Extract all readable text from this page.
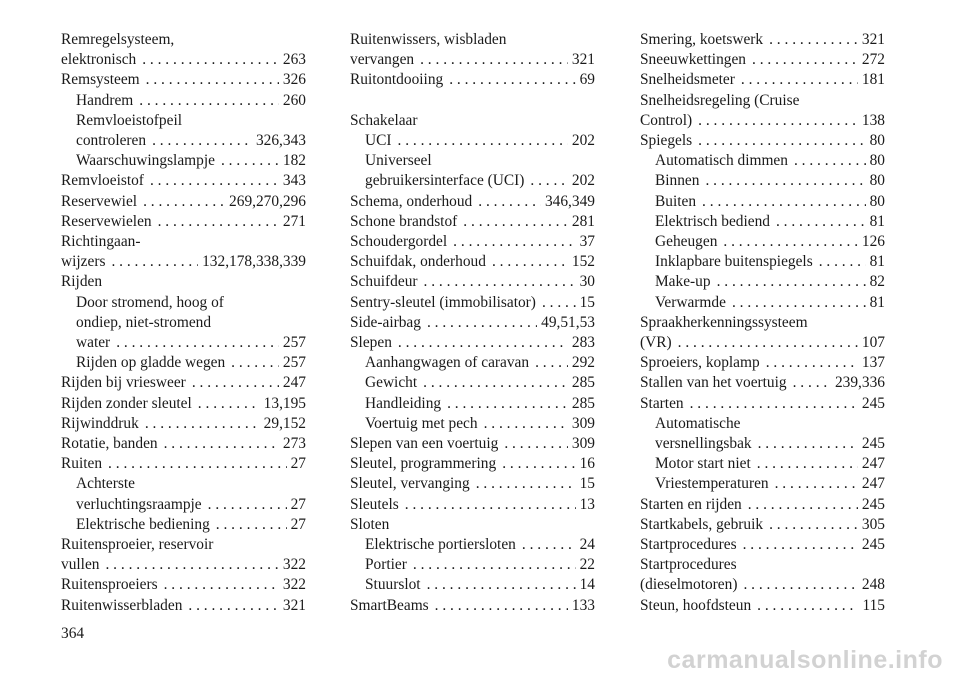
Remregelsysteem,
elektronisch . . .	263
Remsysteem . . .	326
Handrem . . .	260
Remvloeistofpeil
controleren . . .	326,343
Waarschuwingslampje . . .	182
Remvloeistof . . .	343
Reservewiel . . .	269,270,296
Reservewielen . . .	271
Richtingaan-
wijzers . . .	132,178,338,339
Rijden
Door stromend, hoog of
ondiep, niet-stromend
water . . .	257
Rijden op gladde wegen . . .	257
Rijden bij vriesweer . . .	247
Rijden zonder sleutel . . .	13,195
Rijwinddruk . . .	29,152
Rotatie, banden . . .	273
Ruiten . . .	27
Achterste
verluchtingsraampje . . .	27
Elektrische bediening . . .	27
Ruitensproeier, reservoir
vullen . . .	322
Ruitensproeiers . . .	322
Ruitenwisserbladen . . .	321
Ruitenwissers, wisbladen
vervangen . . .	321
Ruitontdooiing . . .	69
Schakelaar
UCI . . .	202
Universeel
gebruikersinterface (UCI) . . .	202
Schema, onderhoud . . .	346,349
Schone brandstof . . .	281
Schoudergordel . . .	37
Schuifdak, onderhoud . . .	152
Schuifdeur . . .	30
Sentry-sleutel (immobilisator) . . .	15
Side-airbag . . .	49,51,53
Slepen . . .	283
Aanhangwagen of caravan . . .	292
Gewicht . . .	285
Handleiding . . .	285
Voertuig met pech . . .	309
Slepen van een voertuig . . .	309
Sleutel, programmering . . .	16
Sleutel, vervanging . . .	15
Sleutels . . .	13
Sloten
Elektrische portiersloten . . .	24
Portier . . .	22
Stuurslot . . .	14
SmartBeams . . .	133
Smering, koetswerk . . .	321
Sneeuwkettingen . . .	272
Snelheidsmeter . . .	181
Snelheidsregeling (Cruise
Control) . . .	138
Spiegels . . .	80
Automatisch dimmen . . .	80
Binnen . . .	80
Buiten . . .	80
Elektrisch bediend . . .	81
Geheugen . . .	126
Inklapbare buitenspiegels . . .	81
Make-up . . .	82
Verwarmde . . .	81
Spraakherkenningssysteem
(VR) . . .	107
Sproeiers, koplamp . . .	137
Stallen van het voertuig . . .	239,336
Starten . . .	245
Automatische
versnellingsbak . . .	245
Motor start niet . . .	247
Vriestemperaturen . . .	247
Starten en rijden . . .	245
Startkabels, gebruik . . .	305
Startprocedures . . .	245
Startprocedures
(dieselmotoren) . . .	248
Steun, hoofdsteun . . .	115
364
carmanualsonline.info
